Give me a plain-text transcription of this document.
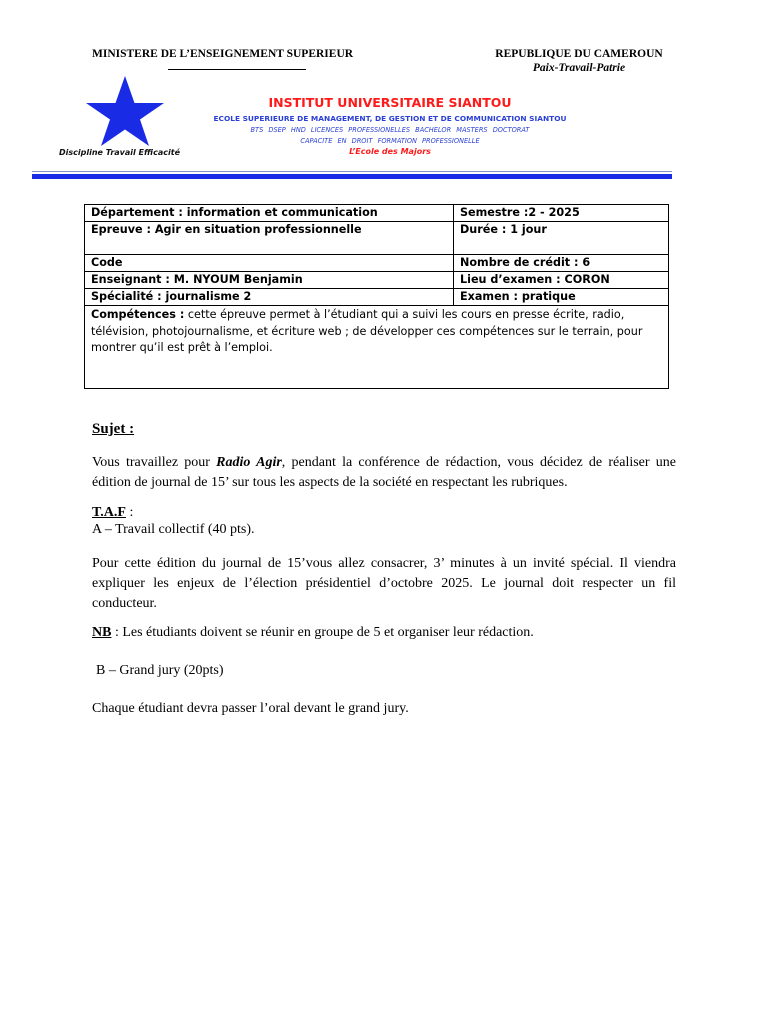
MINISTERE DE L’ENSEIGNEMENT SUPERIEUR	REPUBLIQUE DU CAMEROUN
Paix-Travail-Patrie
Discipline Travail Efficacité
INSTITUT UNIVERSITAIRE SIANTOU
ECOLE SUPERIEURE DE MANAGEMENT, DE GESTION ET DE COMMUNICATION SIANTOU
BTS DSEP HND LICENCES PROFESSIONELLES BACHELOR MASTERS DOCTORAT
CAPACITE EN DROIT FORMATION PROFESSIONELLE
L’Ecole des Majors
Département : information et communication	Semestre :2 - 2025
Epreuve : Agir en situation professionnelle	Durée : 1 jour
Code	Nombre de crédit : 6
Enseignant : M. NYOUM Benjamin	Lieu d’examen : CORON
Spécialité : journalisme 2	Examen : pratique
Compétences : cette épreuve permet à l’étudiant qui a suivi les cours en presse écrite, radio, télévision, photojournalisme, et écriture web ; de développer ces compétences sur le terrain, pour montrer qu’il est prêt à l’emploi.	
Sujet :
Vous travaillez pour Radio Agir, pendant la conférence de rédaction, vous décidez de réaliser une édition de journal de 15’ sur tous les aspects de la société en respectant les rubriques.
T.A.F :
A – Travail collectif (40 pts).
Pour cette édition du journal de 15’vous allez consacrer, 3’ minutes à un invité spécial. Il viendra expliquer les enjeux de l’élection présidentiel d’octobre 2025. Le journal doit respecter un fil conducteur.
NB : Les étudiants doivent se réunir en groupe de 5 et organiser leur rédaction.
B – Grand jury (20pts)
Chaque étudiant devra passer l’oral devant le grand jury.
